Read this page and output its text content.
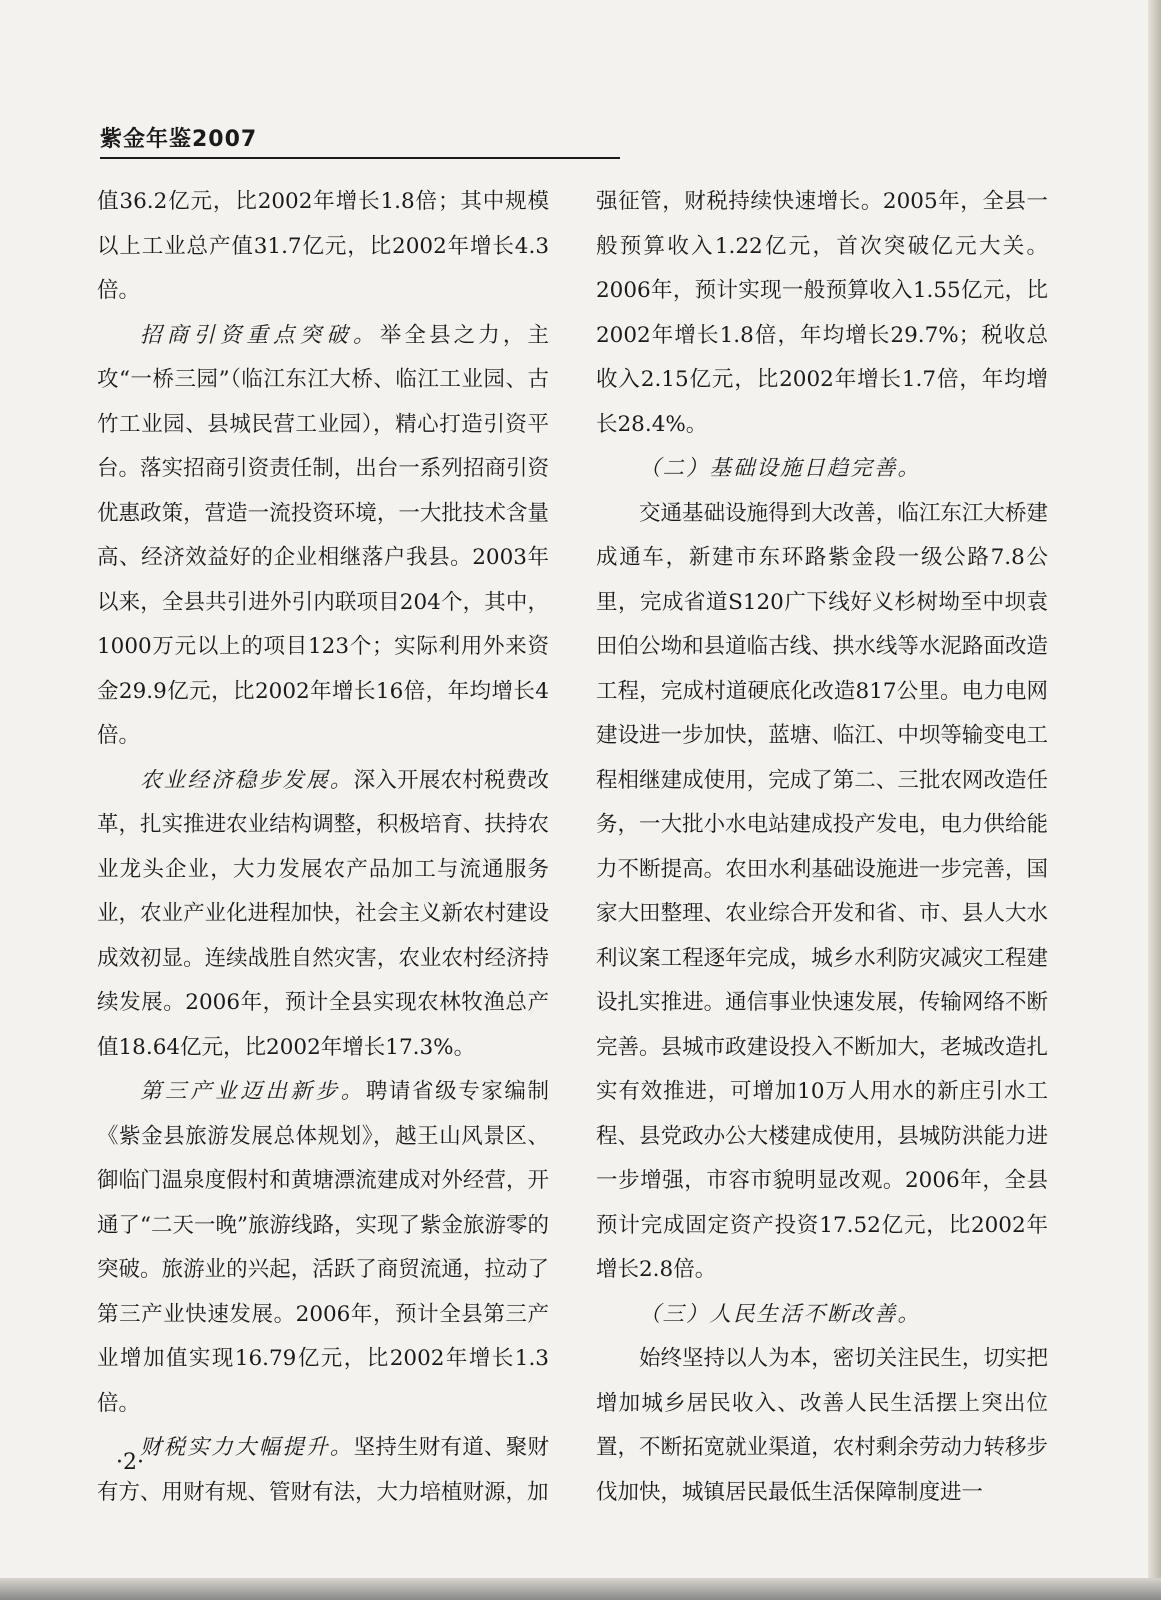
紫金年鉴2007

值36.2亿元，比2002年增长1.8倍；其中规模以上工业总产值31.7亿元，比2002年增长4.3倍。

招商引资重点突破。举全县之力，主攻“一桥三园”（临江东江大桥、临江工业园、古竹工业园、县城民营工业园），精心打造引资平台。落实招商引资责任制，出台一系列招商引资优惠政策，营造一流投资环境，一大批技术含量高、经济效益好的企业相继落户我县。2003年以来，全县共引进外引内联项目204个，其中，1000万元以上的项目123个；实际利用外来资金29.9亿元，比2002年增长16倍，年均增长4倍。

农业经济稳步发展。深入开展农村税费改革，扎实推进农业结构调整，积极培育、扶持农业龙头企业，大力发展农产品加工与流通服务业，农业产业化进程加快，社会主义新农村建设成效初显。连续战胜自然灾害，农业农村经济持续发展。2006年，预计全县实现农林牧渔总产值18.64亿元，比2002年增长17.3%。

第三产业迈出新步。聘请省级专家编制《紫金县旅游发展总体规划》，越王山风景区、御临门温泉度假村和黄塘漂流建成对外经营，开通了“二天一晚”旅游线路，实现了紫金旅游零的突破。旅游业的兴起，活跃了商贸流通，拉动了第三产业快速发展。2006年，预计全县第三产业增加值实现16.79亿元，比2002年增长1.3倍。

财税实力大幅提升。坚持生财有道、聚财有方、用财有规、管财有法，大力培植财源，加

强征管，财税持续快速增长。2005年，全县一般预算收入1.22亿元，首次突破亿元大关。2006年，预计实现一般预算收入1.55亿元，比2002年增长1.8倍，年均增长29.7%；税收总收入2.15亿元，比2002年增长1.7倍，年均增长28.4%。

（二）基础设施日趋完善。

交通基础设施得到大改善，临江东江大桥建成通车，新建市东环路紫金段一级公路7.8公里，完成省道S120广下线好义杉树坳至中坝袁田伯公坳和县道临古线、拱水线等水泥路面改造工程，完成村道硬底化改造817公里。电力电网建设进一步加快，蓝塘、临江、中坝等输变电工程相继建成使用，完成了第二、三批农网改造任务，一大批小水电站建成投产发电，电力供给能力不断提高。农田水利基础设施进一步完善，国家大田整理、农业综合开发和省、市、县人大水利议案工程逐年完成，城乡水利防灾减灾工程建设扎实推进。通信事业快速发展，传输网络不断完善。县城市政建设投入不断加大，老城改造扎实有效推进，可增加10万人用水的新庄引水工程、县党政办公大楼建成使用，县城防洪能力进一步增强，市容市貌明显改观。2006年，全县预计完成固定资产投资17.52亿元，比2002年增长2.8倍。

（三）人民生活不断改善。

始终坚持以人为本，密切关注民生，切实把增加城乡居民收入、改善人民生活摆上突出位置，不断拓宽就业渠道，农村剩余劳动力转移步伐加快，城镇居民最低生活保障制度进一

·2·
